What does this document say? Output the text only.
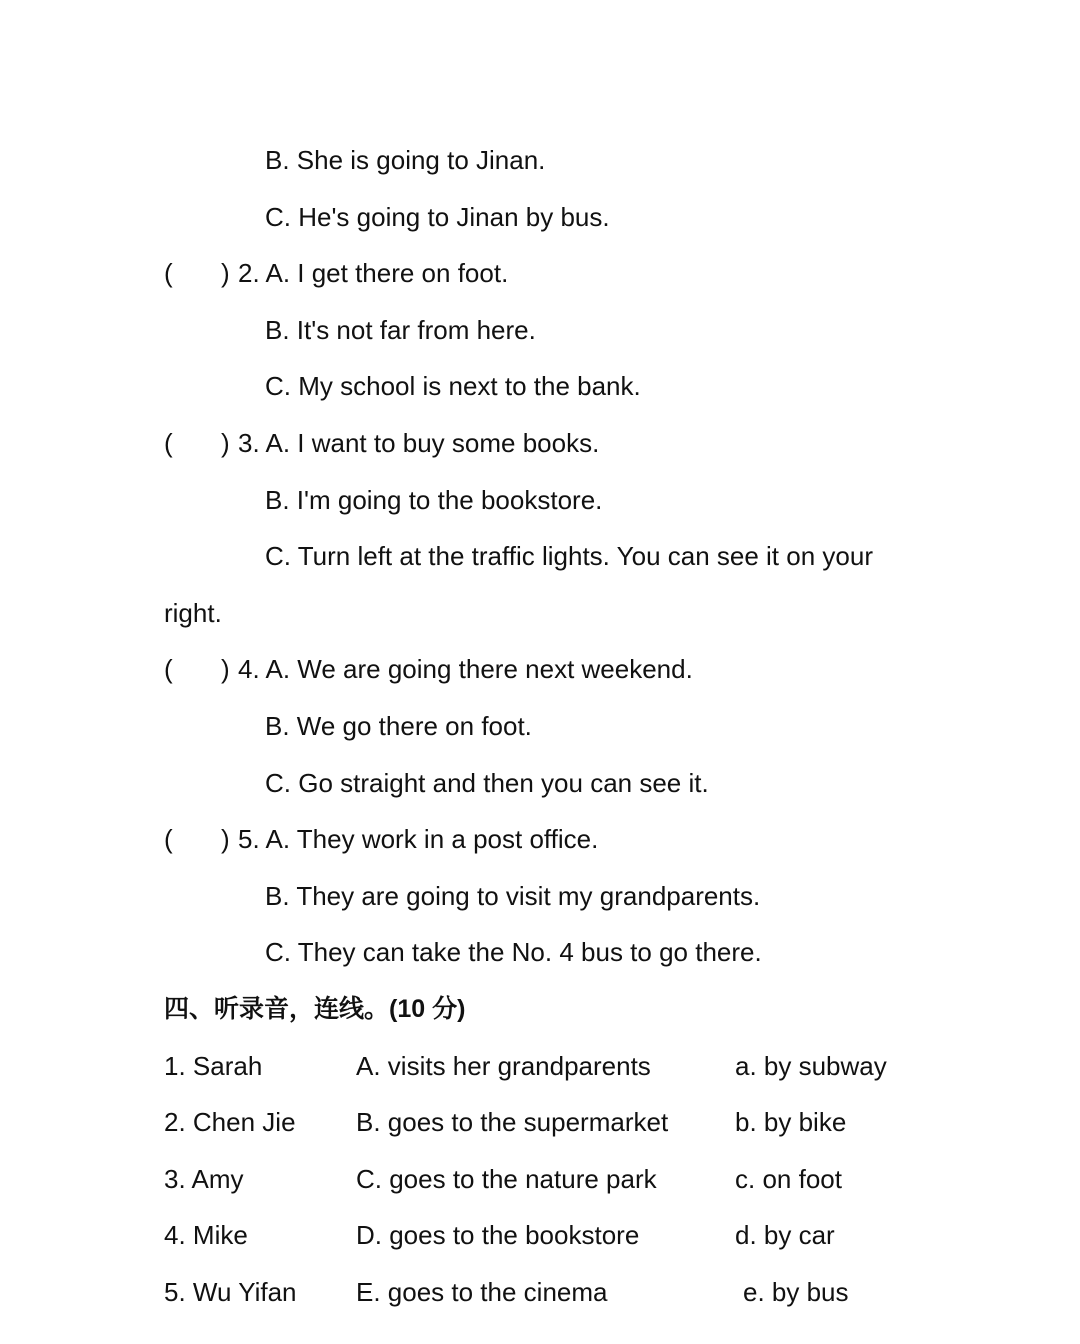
B. She is going to Jinan.
C. He's going to Jinan by bus.
( ) 2. A. I get there on foot.
B. It's not far from here.
C. My school is next to the bank.
( ) 3. A. I want to buy some books.
B. I'm going to the bookstore.
C. Turn left at the traffic lights. You can see it on your
right.
( ) 4. A. We are going there next weekend.
B. We go there on foot.
C. Go straight and then you can see it.
( ) 5. A. They work in a post office.
B. They are going to visit my grandparents.
C. They can take the No. 4 bus to go there.
四、听录音，连线。(10 分)
1. Sarah	A. visits her grandparents	a. by subway
2. Chen Jie B. goes to the supermarket	b. by bike
3. Amy	C. goes to the nature park	c. on foot
4. Mike	D. goes to the bookstore	d. by car
5. Wu Yifan E. goes to the cinema	e. by bus
